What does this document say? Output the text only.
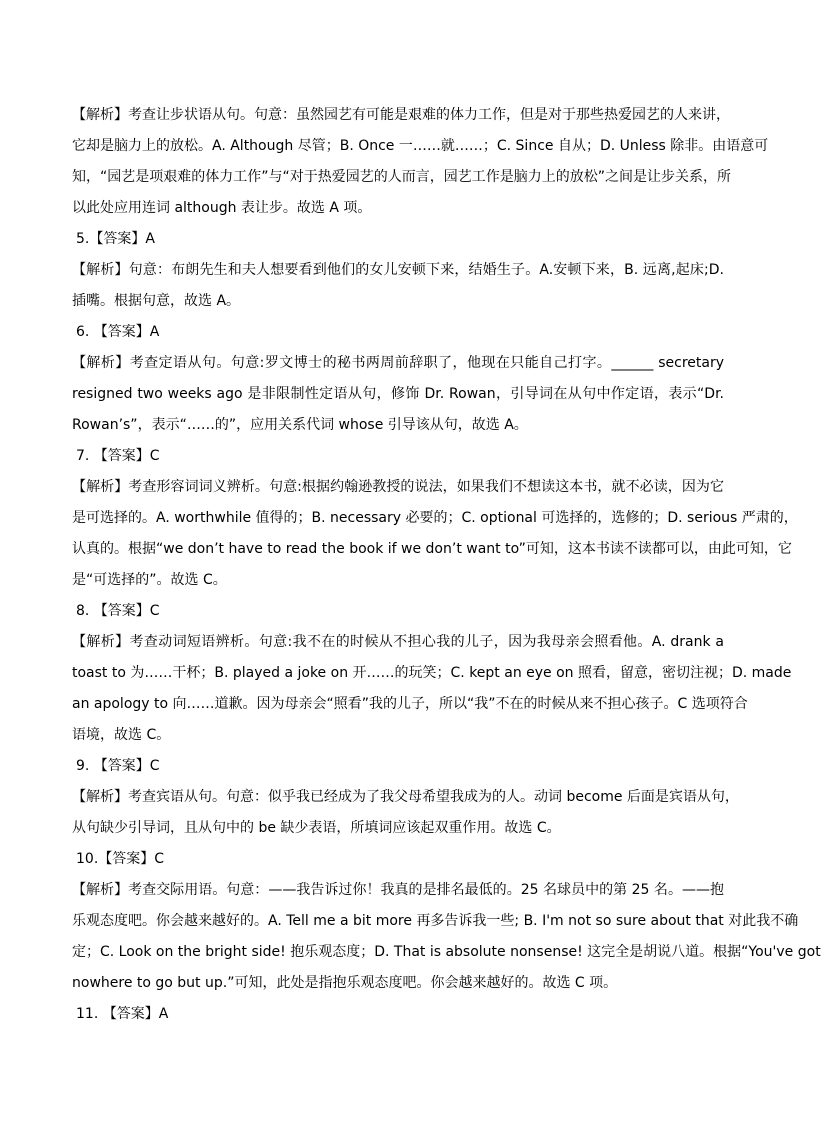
【解析】考查让步状语从句。句意：虽然园艺有可能是艰难的体力工作，但是对于那些热爱园艺的人来讲，
它却是脑力上的放松。A. Although 尽管；B. Once 一……就……；C. Since 自从；D. Unless 除非。由语意可
知，“园艺是项艰难的体力工作”与“对于热爱园艺的人而言，园艺工作是脑力上的放松”之间是让步关系，所
以此处应用连词 although 表让步。故选 A 项。
5.【答案】A
【解析】句意：布朗先生和夫人想要看到他们的女儿安顿下来，结婚生子。A.安顿下来，B. 远离,起床;D.
插嘴。根据句意，故选 A。
6. 【答案】A
【解析】考查定语从句。句意:罗文博士的秘书两周前辞职了，他现在只能自己打字。______ secretary
resigned two weeks ago 是非限制性定语从句，修饰 Dr. Rowan，引导词在从句中作定语，表示“Dr.
Rowan’s”，表示“……的”，应用关系代词 whose 引导该从句，故选 A。
7. 【答案】C
【解析】考查形容词词义辨析。句意:根据约翰逊教授的说法，如果我们不想读这本书，就不必读，因为它
是可选择的。A. worthwhile 值得的；B. necessary 必要的；C. optional 可选择的，选修的；D. serious 严肃的，
认真的。根据“we don’t have to read the book if we don’t want to”可知，这本书读不读都可以，由此可知，它
是“可选择的”。故选 C。
8. 【答案】C
【解析】考查动词短语辨析。句意:我不在的时候从不担心我的儿子，因为我母亲会照看他。A. drank a
toast to 为……干杯；B. played a joke on 开……的玩笑；C. kept an eye on 照看，留意，密切注视；D. made
an apology to 向……道歉。因为母亲会“照看”我的儿子，所以“我”不在的时候从来不担心孩子。C 选项符合
语境，故选 C。
9. 【答案】C
【解析】考查宾语从句。句意：似乎我已经成为了我父母希望我成为的人。动词 become 后面是宾语从句，
从句缺少引导词，且从句中的 be 缺少表语，所填词应该起双重作用。故选 C。
10.【答案】C
【解析】考查交际用语。句意：——我告诉过你！我真的是排名最低的。25 名球员中的第 25 名。——抱
乐观态度吧。你会越来越好的。A. Tell me a bit more 再多告诉我一些; B. I'm not so sure about that 对此我不确
定；C. Look on the bright side! 抱乐观态度；D. That is absolute nonsense! 这完全是胡说八道。根据“You've got
nowhere to go but up.”可知，此处是指抱乐观态度吧。你会越来越好的。故选 C 项。
11. 【答案】A
